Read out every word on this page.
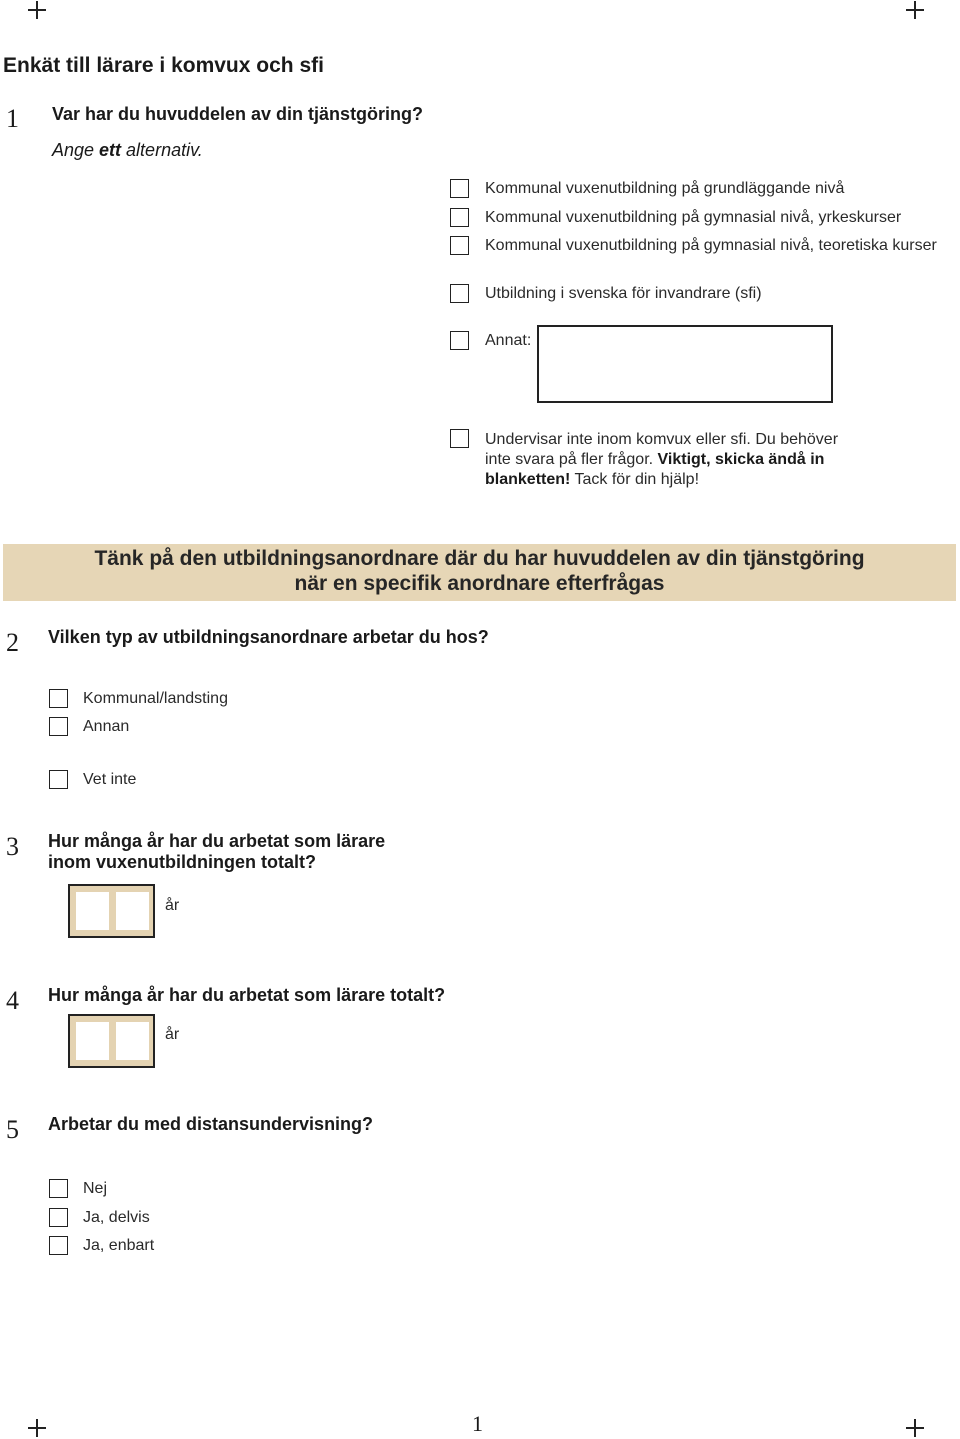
Enkät till lärare i komvux och sfi
1 Var har du huvuddelen av din tjänstgöring?
Ange ett alternativ.
Kommunal vuxenutbildning på grundläggande nivå
Kommunal vuxenutbildning på gymnasial nivå, yrkeskurser
Kommunal vuxenutbildning på gymnasial nivå, teoretiska kurser
Utbildning i svenska för invandrare (sfi)
Annat:
Undervisar inte inom komvux eller sfi. Du behöver inte svara på fler frågor. Viktigt, skicka ändå in blanketten! Tack för din hjälp!
Tänk på den utbildningsanordnare där du har huvuddelen av din tjänstgöring
när en specifik anordnare efterfrågas
2 Vilken typ av utbildningsanordnare arbetar du hos?
Kommunal/landsting
Annan
Vet inte
3 Hur många år har du arbetat som lärare
inom vuxenutbildningen totalt?
år
4 Hur många år har du arbetat som lärare totalt?
år
5 Arbetar du med distansundervisning?
Nej
Ja, delvis
Ja, enbart
1
